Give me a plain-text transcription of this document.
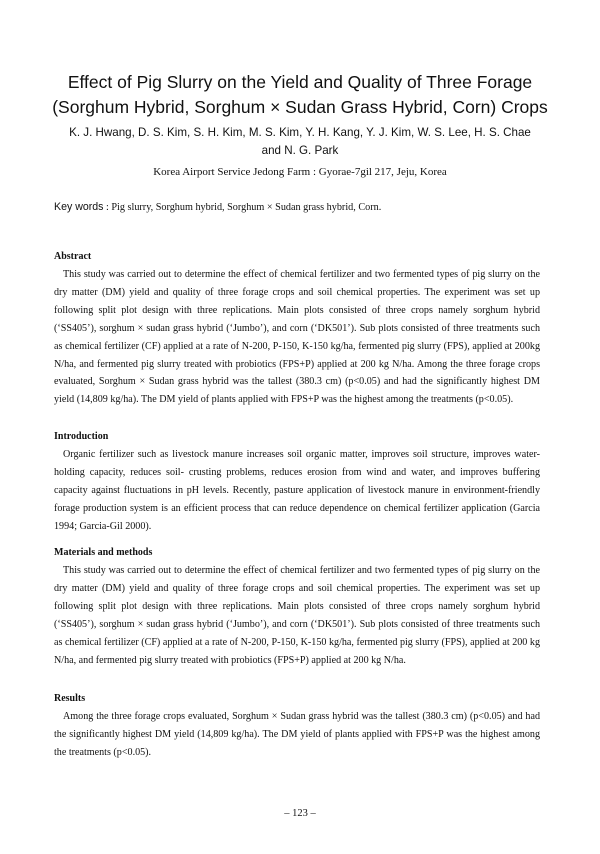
Effect of Pig Slurry on the Yield and Quality of Three Forage
(Sorghum Hybrid, Sorghum × Sudan Grass Hybrid, Corn) Crops
K. J. Hwang, D. S. Kim, S. H. Kim, M. S. Kim, Y. H. Kang, Y. J. Kim, W. S. Lee, H. S. Chae
and N. G. Park
Korea Airport Service Jedong Farm : Gyorae-7gil 217, Jeju, Korea
Key words : Pig slurry, Sorghum hybrid, Sorghum × Sudan grass hybrid, Corn.
Abstract

This study was carried out to determine the effect of chemical fertilizer and two fermented types of pig slurry on the dry matter (DM) yield and quality of three forage crops and soil chemical properties. The experiment was set up following split plot design with three replications. Main plots consisted of three crops namely sorghum hybrid (‘SS405’), sorghum × sudan grass hybrid (‘Jumbo’), and corn (‘DK501’). Sub plots consisted of three treatments such as chemical fertilizer (CF) applied at a rate of N-200, P-150, K-150 kg/ha, fermented pig slurry (FPS), applied at 200kg N/ha, and fermented pig slurry treated with probiotics (FPS+P) applied at 200 kg N/ha. Among the three forage crops evaluated, Sorghum × Sudan grass hybrid was the tallest (380.3 cm) (p<0.05) and had the significantly highest DM yield (14,809 kg/ha). The DM yield of plants applied with FPS+P was the highest among the treatments (p<0.05).

Introduction

Organic fertilizer such as livestock manure increases soil organic matter, improves soil structure, improves water-holding capacity, reduces soil- crusting problems, reduces erosion from wind and water, and improves buffering capacity against fluctuations in pH levels. Recently, pasture application of livestock manure in environment-friendly forage production system is an efficient process that can reduce dependence on chemical fertilizer application (Garcia 1994; Garcia-Gil 2000).

Materials and methods

This study was carried out to determine the effect of chemical fertilizer and two fermented types of pig slurry on the dry matter (DM) yield and quality of three forage crops and soil chemical properties. The experiment was set up following split plot design with three replications. Main plots consisted of three crops namely sorghum hybrid (‘SS405’), sorghum × sudan grass hybrid (‘Jumbo’), and corn (‘DK501’). Sub plots consisted of three treatments such as chemical fertilizer (CF) applied at a rate of N-200, P-150, K-150 kg/ha, fermented pig slurry (FPS), applied at 200 kg N/ha, and fermented pig slurry treated with probiotics (FPS+P) applied at 200 kg N/ha.

Results

Among the three forage crops evaluated, Sorghum × Sudan grass hybrid was the tallest (380.3 cm) (p<0.05) and had the significantly highest DM yield (14,809 kg/ha). The DM yield of plants applied with FPS+P was the highest among the treatments (p<0.05).

– 123 –
